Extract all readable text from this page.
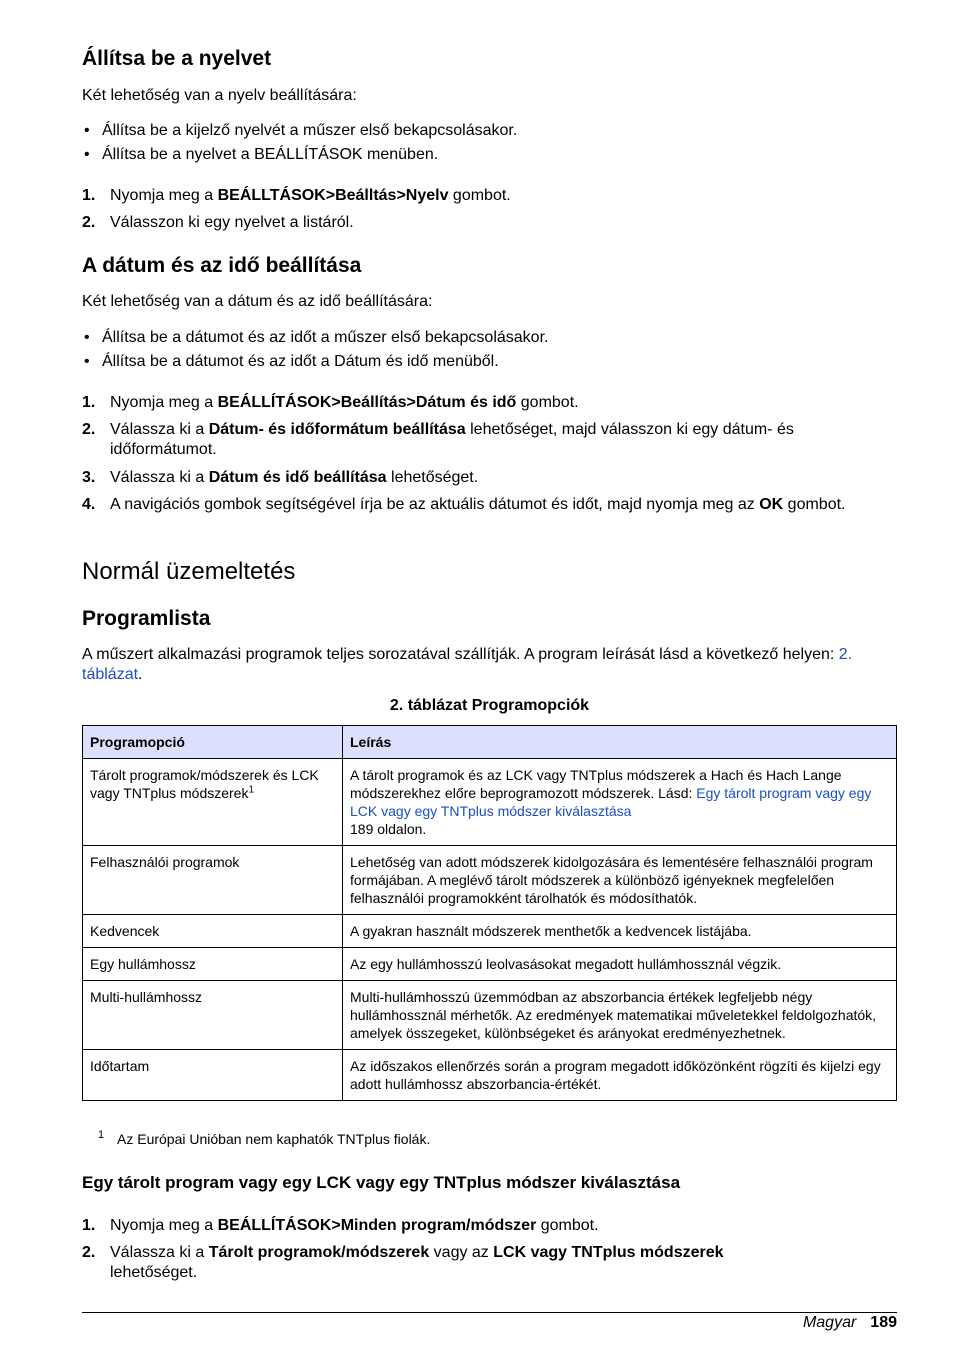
Állítsa be a nyelvet

Két lehetőség van a nyelv beállítására:

• Állítsa be a kijelző nyelvét a műszer első bekapcsolásakor.
• Állítsa be a nyelvet a BEÁLLÍTÁSOK menüben.
1. Nyomja meg a BEÁLLTÁSOK>Beálltás>Nyelv gombot.
2. Válasszon ki egy nyelvet a listáról.
A dátum és az idő beállítása

Két lehetőség van a dátum és az idő beállítására:

• Állítsa be a dátumot és az időt a műszer első bekapcsolásakor.
• Állítsa be a dátumot és az időt a Dátum és idő menüből.
1. Nyomja meg a BEÁLLÍTÁSOK>Beállítás>Dátum és idő gombot.
2. Válassza ki a Dátum- és időformátum beállítása lehetőséget, majd válasszon ki egy dátum- és időformátumot.
3. Válassza ki a Dátum és idő beállítása lehetőséget.
4. A navigációs gombok segítségével írja be az aktuális dátumot és időt, majd nyomja meg az OK gombot.
Normál üzemeltetés
Programlista

A műszert alkalmazási programok teljes sorozatával szállítják. A program leírását lásd a következő helyen: 2. táblázat.

2. táblázat Programopciók
Programopció	Leírás
Tárolt programok/módszerek és LCK vagy TNTplus módszerek$^1$	A tárolt programok és az LCK vagy TNTplus módszerek a Hach és Hach Lange módszerekhez előre beprogramozott módszerek. Lásd: Egy tárolt program vagy egy LCK vagy egy TNTplus módszer kiválasztása
189 oldalon.
Felhasználói programok	Lehetőség van adott módszerek kidolgozására és lementésére felhasználói program formájában. A meglévő tárolt módszerek a különböző igényeknek megfelelően felhasználói programokként tárolhatók és módosíthatók.
Kedvencek	A gyakran használt módszerek menthetők a kedvencek listájába.
Egy hullámhossz	Az egy hullámhosszú leolvasásokat megadott hullámhossznál végzik.
Multi-hullámhossz	Multi-hullámhosszú üzemmódban az abszorbancia értékek legfeljebb négy hullámhossznál mérhetők. Az eredmények matematikai műveletekkel feldolgozhatók, amelyek összegeket, különbségeket és arányokat eredményezhetnek.
Időtartam	Az időszakos ellenőrzés során a program megadott időközönként rögzíti és kijelzi egy adott hullámhossz abszorbancia-értékét.
1 Az Európai Unióban nem kaphatók TNTplus fiolák.
Egy tárolt program vagy egy LCK vagy egy TNTplus módszer kiválasztása
1. Nyomja meg a BEÁLLÍTÁSOK>Minden program/módszer gombot.
2. Válassza ki a Tárolt programok/módszerek vagy az LCK vagy TNTplus módszerek
lehetőséget.
Magyar 189
